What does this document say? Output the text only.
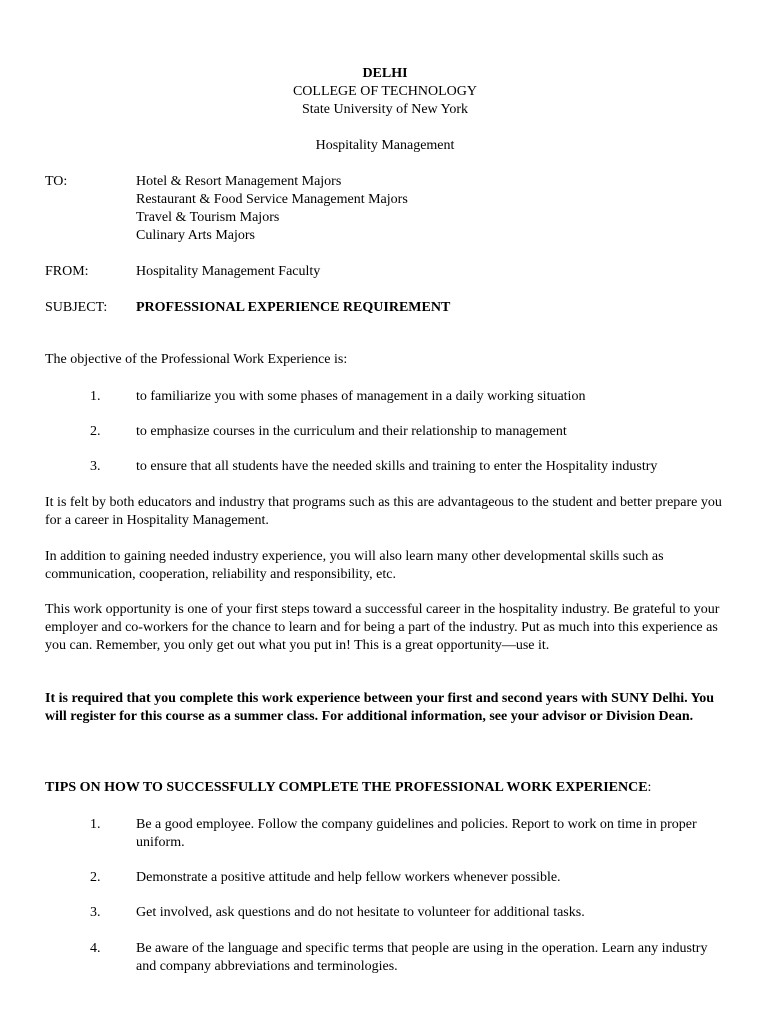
DELHI
COLLEGE OF TECHNOLOGY
State University of New York
Hospitality Management
TO:	Hotel & Resort Management Majors
Restaurant & Food Service Management Majors
Travel & Tourism Majors
Culinary Arts Majors
FROM:	Hospitality Management Faculty
SUBJECT: PROFESSIONAL EXPERIENCE REQUIREMENT
The objective of the Professional Work Experience is:
1.	to familiarize you with some phases of management in a daily working situation
2.	to emphasize courses in the curriculum and their relationship to management
3.	to ensure that all students have the needed skills and training to enter the Hospitality industry
It is felt by both educators and industry that programs such as this are advantageous to the student and better prepare you for a career in Hospitality Management.
In addition to gaining needed industry experience, you will also learn many other developmental skills such as communication, cooperation, reliability and responsibility, etc.
This work opportunity is one of your first steps toward a successful career in the hospitality industry. Be grateful to your employer and co-workers for the chance to learn and for being a part of the industry. Put as much into this experience as you can. Remember, you only get out what you put in! This is a great opportunity—use it.
It is required that you complete this work experience between your first and second years with SUNY Delhi. You will register for this course as a summer class. For additional information, see your advisor or Division Dean.
TIPS ON HOW TO SUCCESSFULLY COMPLETE THE PROFESSIONAL WORK EXPERIENCE:
1.	Be a good employee. Follow the company guidelines and policies. Report to work on time in proper uniform.
2.	Demonstrate a positive attitude and help fellow workers whenever possible.
3.	Get involved, ask questions and do not hesitate to volunteer for additional tasks.
4.	Be aware of the language and specific terms that people are using in the operation. Learn any industry and company abbreviations and terminologies.
